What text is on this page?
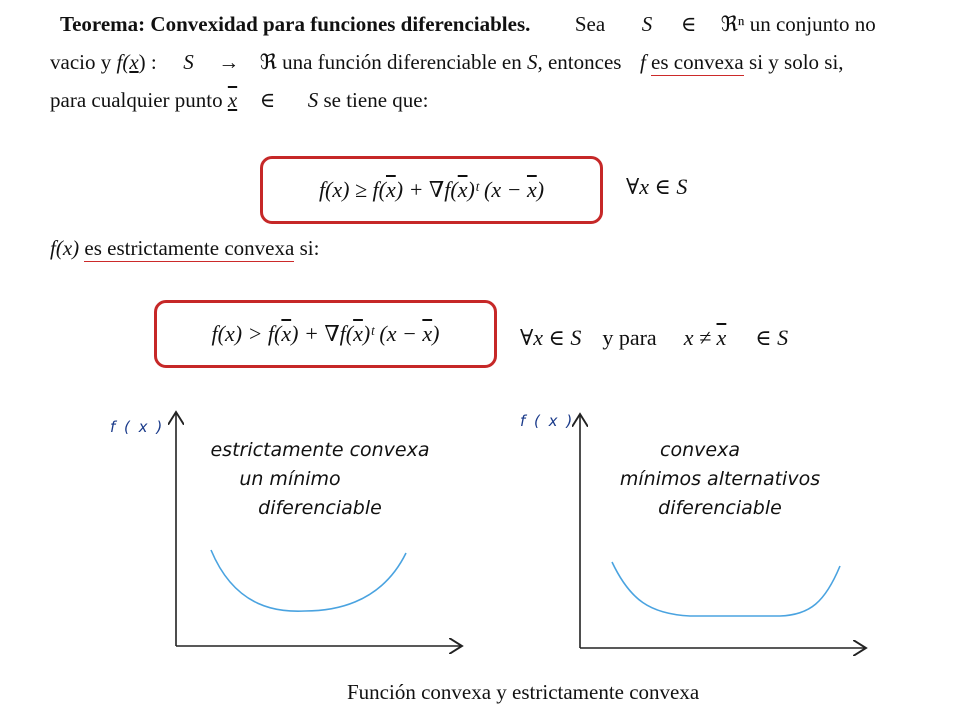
Teorema: Convexidad para funciones diferenciables. Sea S ∈ ℜⁿ un conjunto no
vacio y f(x) : S → ℜ una función diferenciable en S, entonces f es convexa si y solo si,
para cualquier punto x ∈ S se tiene que:
$f(x) \ge f(\overline{x})$ + $\nabla f(\overline{x})ᵗ$ $(x - \overline{x})$	∀x ∈ S
f(x) es estrictamente convexa si:
$f(x) > f(\overline{x})$ + $\nabla f(\overline{x})ᵗ$ $(x - \overline{x})$	∀x ∈ S y para $x \ne \overline{x}$ ∈ S
f ( x )	f ( x )
estrictamente convexa
un mínimo
diferenciable
convexa
mínimos alternativos
diferenciable
Función convexa y estrictamente convexa
